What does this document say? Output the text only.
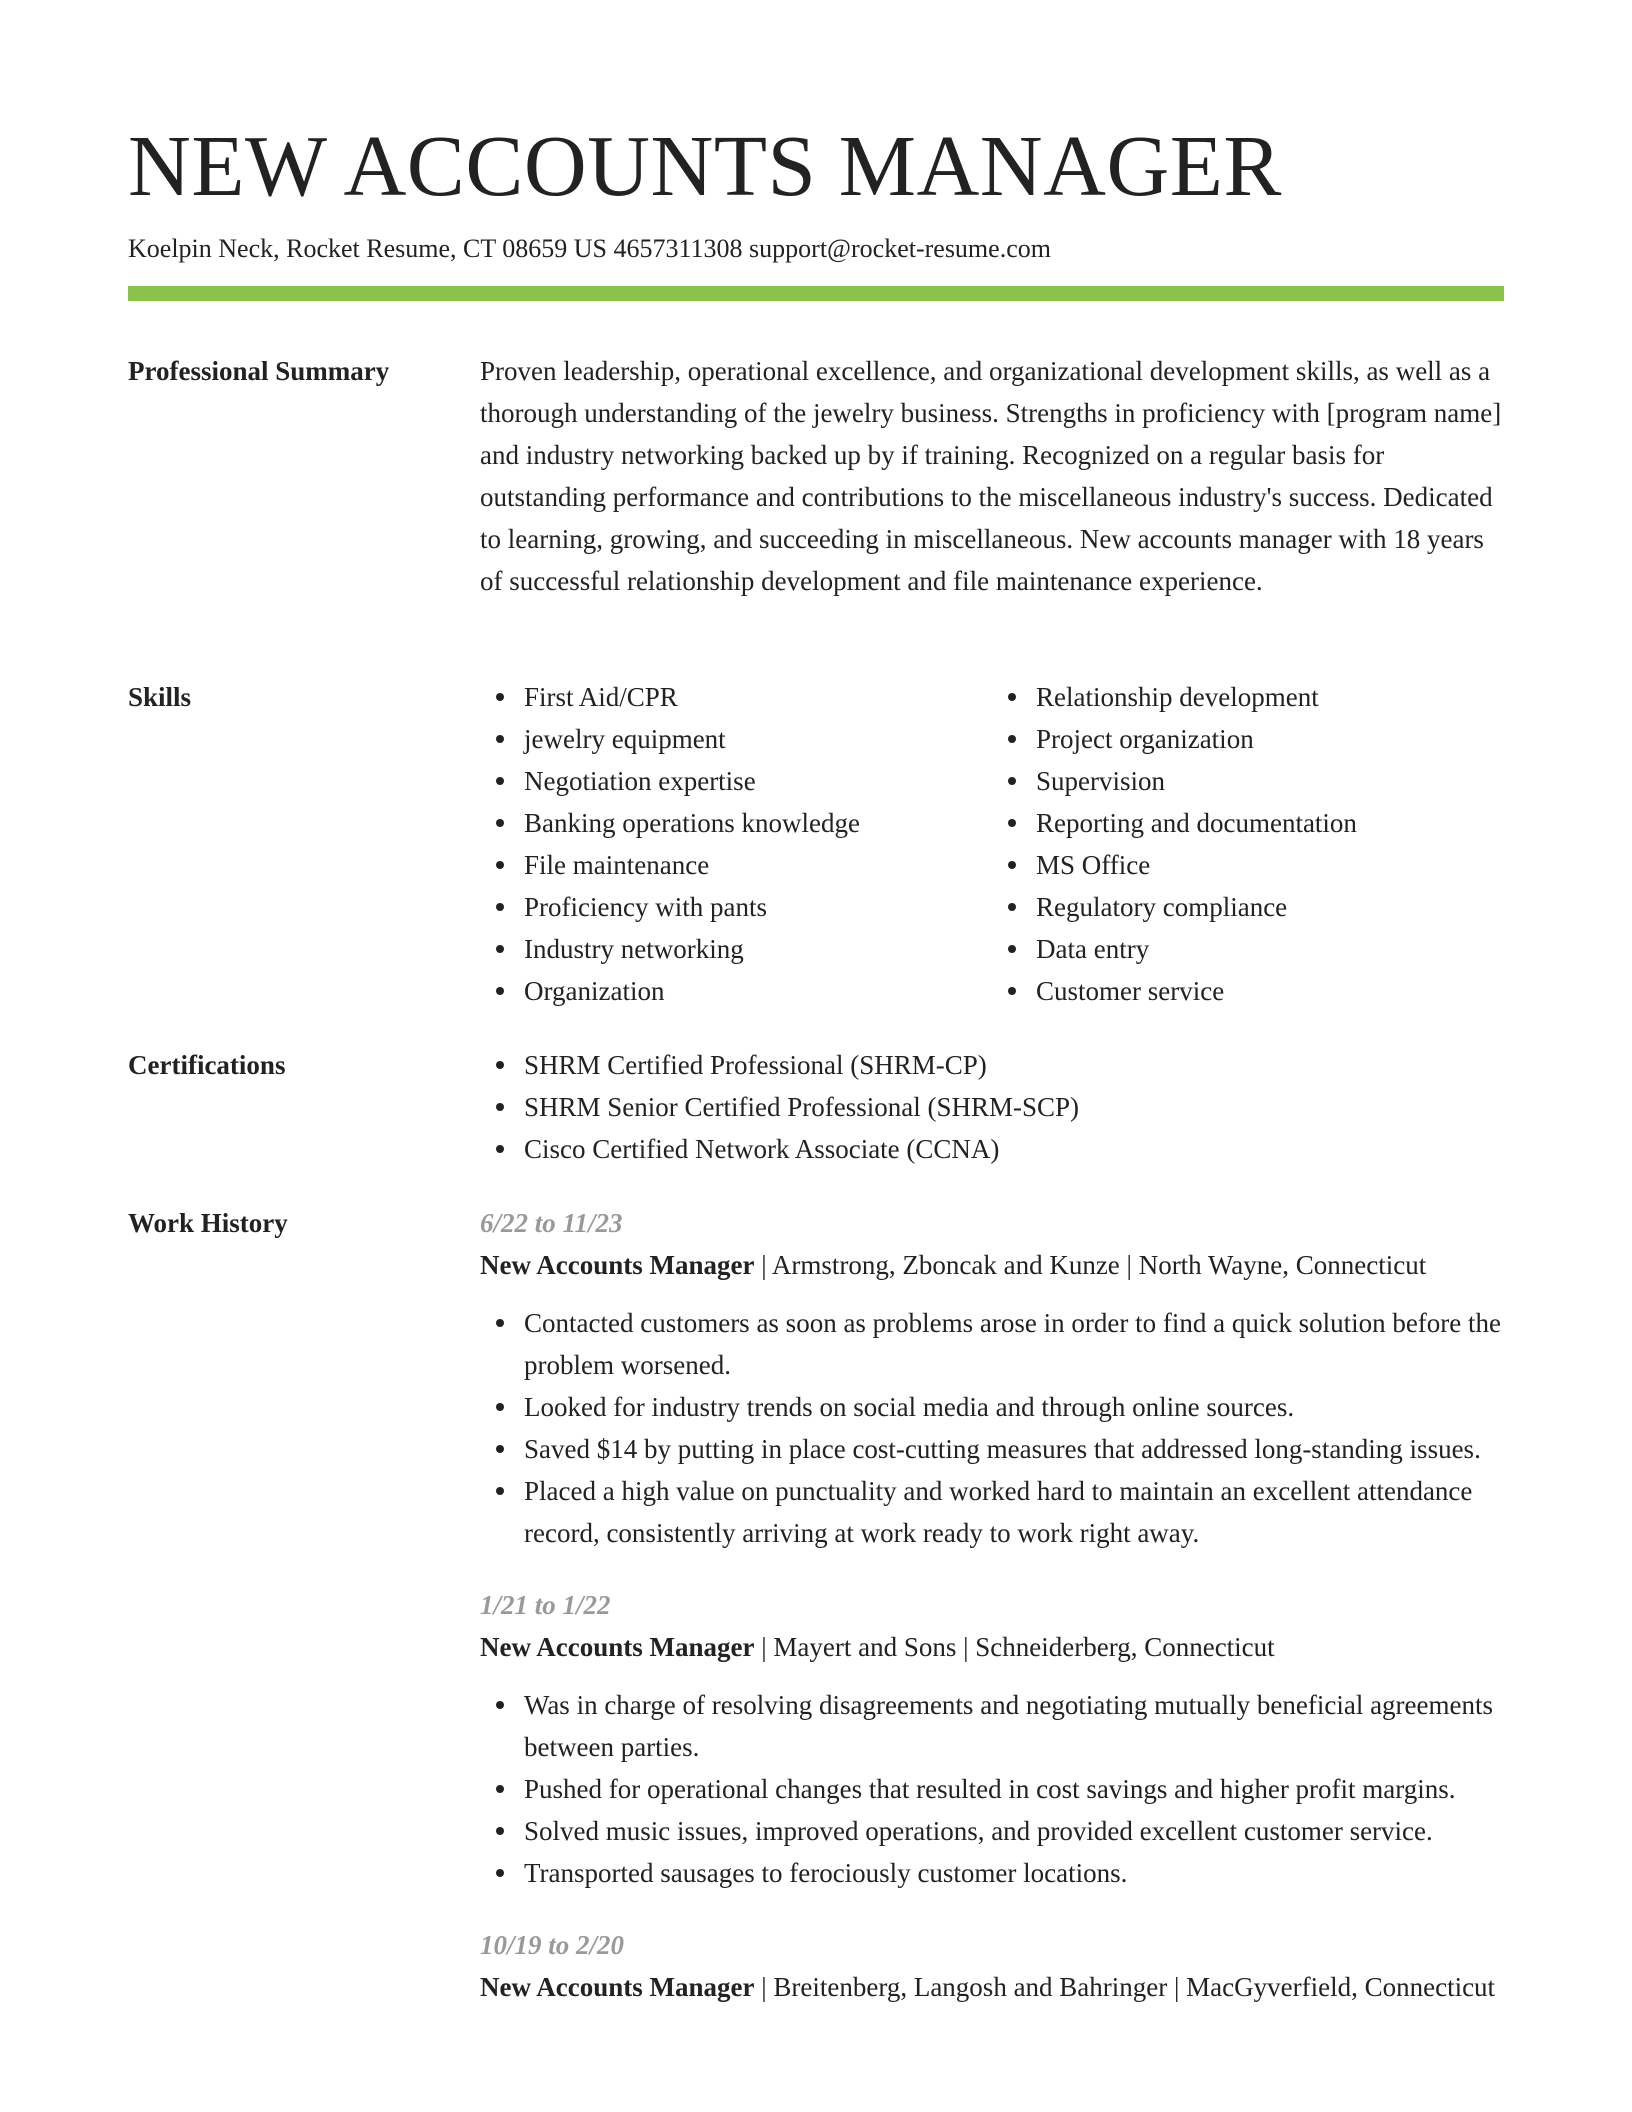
NEW ACCOUNTS MANAGER
Koelpin Neck, Rocket Resume, CT 08659 US 4657311308 support@rocket-resume.com
Professional Summary	Proven leadership, operational excellence, and organizational development skills, as well as a thorough understanding of the jewelry business. Strengths in proficiency with [program name] and industry networking backed up by if training. Recognized on a regular basis for outstanding performance and contributions to the miscellaneous industry's success. Dedicated to learning, growing, and succeeding in miscellaneous. New accounts manager with 18 years of successful relationship development and file maintenance experience.

Skills	First Aid/CPR
jewelry equipment
Negotiation expertise
Banking operations knowledge
File maintenance
Proficiency with pants
Industry networking
Organization
Relationship development
Project organization
Supervision
Reporting and documentation
MS Office
Regulatory compliance
Data entry
Customer service
Certifications	SHRM Certified Professional (SHRM-CP)
SHRM Senior Certified Professional (SHRM-SCP)
Cisco Certified Network Associate (CCNA)
Work History	6/22 to 11/23
New Accounts Manager | Armstrong, Zboncak and Kunze | North Wayne, Connecticut
Contacted customers as soon as problems arose in order to find a quick solution before the problem worsened.
Looked for industry trends on social media and through online sources.
Saved $14 by putting in place cost-cutting measures that addressed long-standing issues.
Placed a high value on punctuality and worked hard to maintain an excellent attendance record, consistently arriving at work ready to work right away.
1/21 to 1/22
New Accounts Manager | Mayert and Sons | Schneiderberg, Connecticut
Was in charge of resolving disagreements and negotiating mutually beneficial agreements between parties.
Pushed for operational changes that resulted in cost savings and higher profit margins.
Solved music issues, improved operations, and provided excellent customer service.
Transported sausages to ferociously customer locations.
10/19 to 2/20
New Accounts Manager | Breitenberg, Langosh and Bahringer | MacGyverfield, Connecticut
